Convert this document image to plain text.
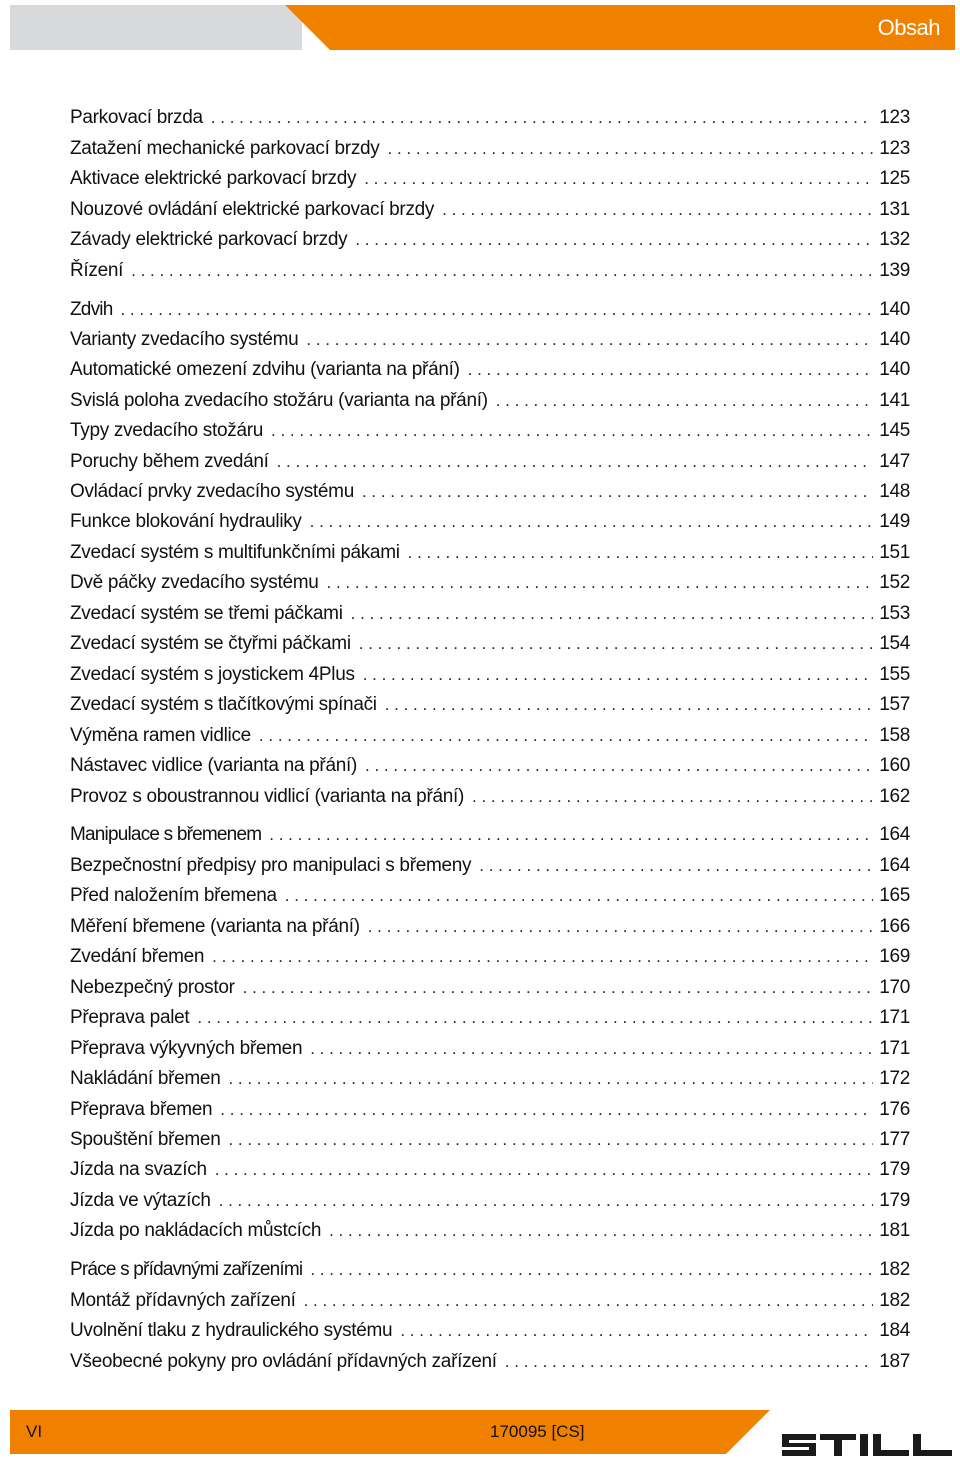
Obsah
Parkovací brzda . . .	123
Zatažení mechanické parkovací brzdy . . .	123
Aktivace elektrické parkovací brzdy . . .	125
Nouzové ovládání elektrické parkovací brzdy . . .	131
Závady elektrické parkovací brzdy . . .	132
Řízení . . .	139
Zdvih . . .	140
Varianty zvedacího systému . . .	140
Automatické omezení zdvihu (varianta na přání) . . .	140
Svislá poloha zvedacího stožáru (varianta na přání) . . .	141
Typy zvedacího stožáru . . .	145
Poruchy během zvedání . . .	147
Ovládací prvky zvedacího systému . . .	148
Funkce blokování hydrauliky . . .	149
Zvedací systém s multifunkčními pákami . . .	151
Dvě páčky zvedacího systému . . .	152
Zvedací systém se třemi páčkami . . .	153
Zvedací systém se čtyřmi páčkami . . .	154
Zvedací systém s joystickem 4Plus . . .	155
Zvedací systém s tlačítkovými spínači . . .	157
Výměna ramen vidlice . . .	158
Nástavec vidlice (varianta na přání) . . .	160
Provoz s oboustrannou vidlicí (varianta na přání) . . .	162
Manipulace s břemenem . . .	164
Bezpečnostní předpisy pro manipulaci s břemeny . . .	164
Před naložením břemena . . .	165
Měření břemene (varianta na přání) . . .	166
Zvedání břemen . . .	169
Nebezpečný prostor . . .	170
Přeprava palet . . .	171
Přeprava výkyvných břemen . . .	171
Nakládání břemen . . .	172
Přeprava břemen . . .	176
Spouštění břemen . . .	177
Jízda na svazích . . .	179
Jízda ve výtazích . . .	179
Jízda po nakládacích můstcích . . .	181
Práce s přídavnými zařízeními . . .	182
Montáž přídavných zařízení . . .	182
Uvolnění tlaku z hydraulického systému . . .	184
Všeobecné pokyny pro ovládání přídavných zařízení . . .	187
VI	170095 [CS]
